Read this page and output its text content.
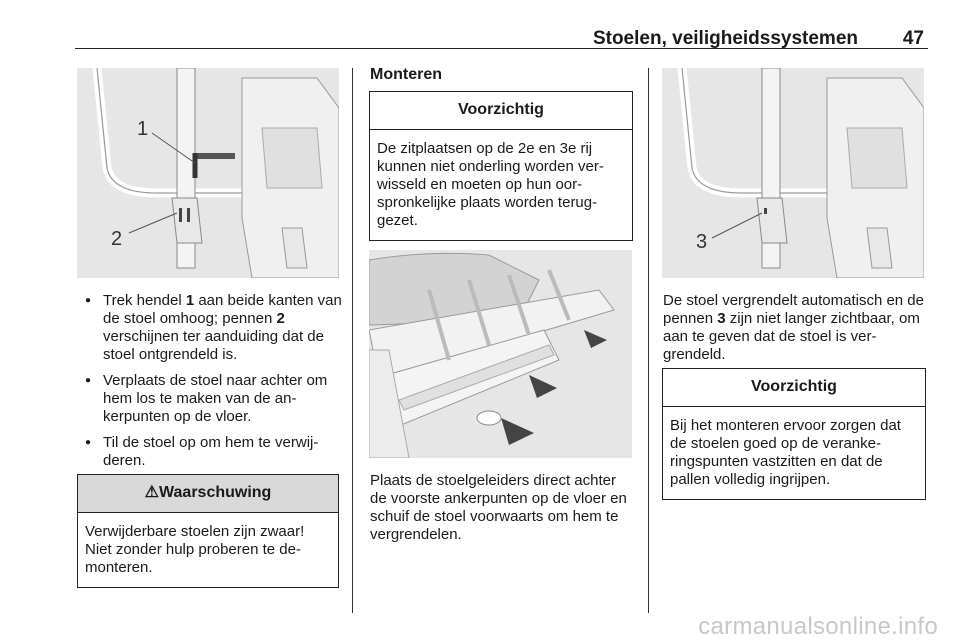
Stoelen, veiligheidssystemen 47
1
2
● Trek hendel 1 aan beide kanten van de stoel omhoog; pennen 2 verschijnen ter aanduiding dat de stoel ontgrendeld is.
● Verplaats de stoel naar achter om hem los te maken van de ankerpunten op de vloer.
● Til de stoel op om hem te verwijderen.
⚠Waarschuwing
Verwijderbare stoelen zijn zwaar! Niet zonder hulp proberen te demonteren.
Monteren
Voorzichtig
De zitplaatsen op de 2e en 3e rij kunnen niet onderling worden verwisseld en moeten op hun oorspronkelijke plaats worden teruggezet.

Plaats de stoelgeleiders direct achter de voorste ankerpunten op de vloer en schuif de stoel voorwaarts om hem te vergrendelen.

3

De stoel vergrendelt automatisch en de pennen 3 zijn niet langer zichtbaar, om aan te geven dat de stoel is vergrendeld.

Voorzichtig
Bij het monteren ervoor zorgen dat de stoelen goed op de verankeringspunten vastzitten en dat de pallen volledig ingrijpen.
carmanualsonline.info
